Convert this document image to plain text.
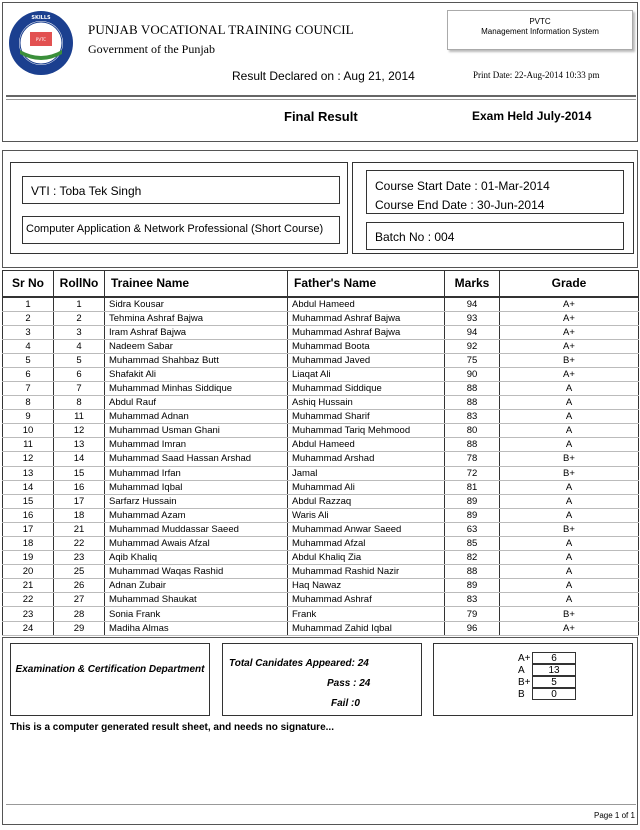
PVTC
SKILLS
PUNJAB VOCATIONAL TRAINING COUNCIL
Government of the Punjab
PVTC
Management Information System
Result Declared on : Aug 21, 2014	Print Date: 22-Aug-2014 10:33 pm
Final Result	Exam Held July-2014
VTI : Toba Tek Singh
Computer Application & Network Professional (Short Course)
Course Start Date : 01-Mar-2014
Course End Date : 30-Jun-2014
Batch No : 004
Sr No	RollNo	Trainee Name	Father's Name	Marks	Grade
1	1	Sidra Kousar	Abdul Hameed	94	A+
2	2	Tehmina Ashraf Bajwa	Muhammad Ashraf Bajwa	93	A+
3	3	Iram Ashraf Bajwa	Muhammad Ashraf Bajwa	94	A+
4	4	Nadeem Sabar	Muhammad Boota	92	A+
5	5	Muhammad Shahbaz Butt	Muhammad Javed	75	B+
6	6	Shafakit Ali	Liaqat Ali	90	A+
7	7	Muhammad Minhas Siddique	Muhammad Siddique	88	A
8	8	Abdul Rauf	Ashiq Hussain	88	A
9	11	Muhammad Adnan	Muhammad Sharif	83	A
10	12	Muhammad Usman Ghani	Muhammad Tariq Mehmood	80	A
11	13	Muhammad Imran	Abdul Hameed	88	A
12	14	Muhammad Saad Hassan Arshad	Muhammad Arshad	78	B+
13	15	Muhammad Irfan	Jamal	72	B+
14	16	Muhammad Iqbal	Muhammad Ali	81	A
15	17	Sarfarz Hussain	Abdul Razzaq	89	A
16	18	Muhammad Azam	Waris Ali	89	A
17	21	Muhammad Muddassar Saeed	Muhammad Anwar Saeed	63	B+
18	22	Muhammad Awais Afzal	Muhammad Afzal	85	A
19	23	Aqib Khaliq	Abdul Khaliq Zia	82	A
20	25	Muhammad Waqas Rashid	Muhammad Rashid Nazir	88	A
21	26	Adnan Zubair	Haq Nawaz	89	A
22	27	Muhammad Shaukat	Muhammad Ashraf	83	A
23	28	Sonia Frank	Frank	79	B+
24	29	Madiha Almas	Muhammad Zahid Iqbal	96	A+
Examination & Certification Department
Total Canidates Appeared: 24
Pass : 24
Fail :0
A+ 6
A 13
B+ 5
B	0
This is a computer generated result sheet, and needs no signature...
Page 1 of 1
